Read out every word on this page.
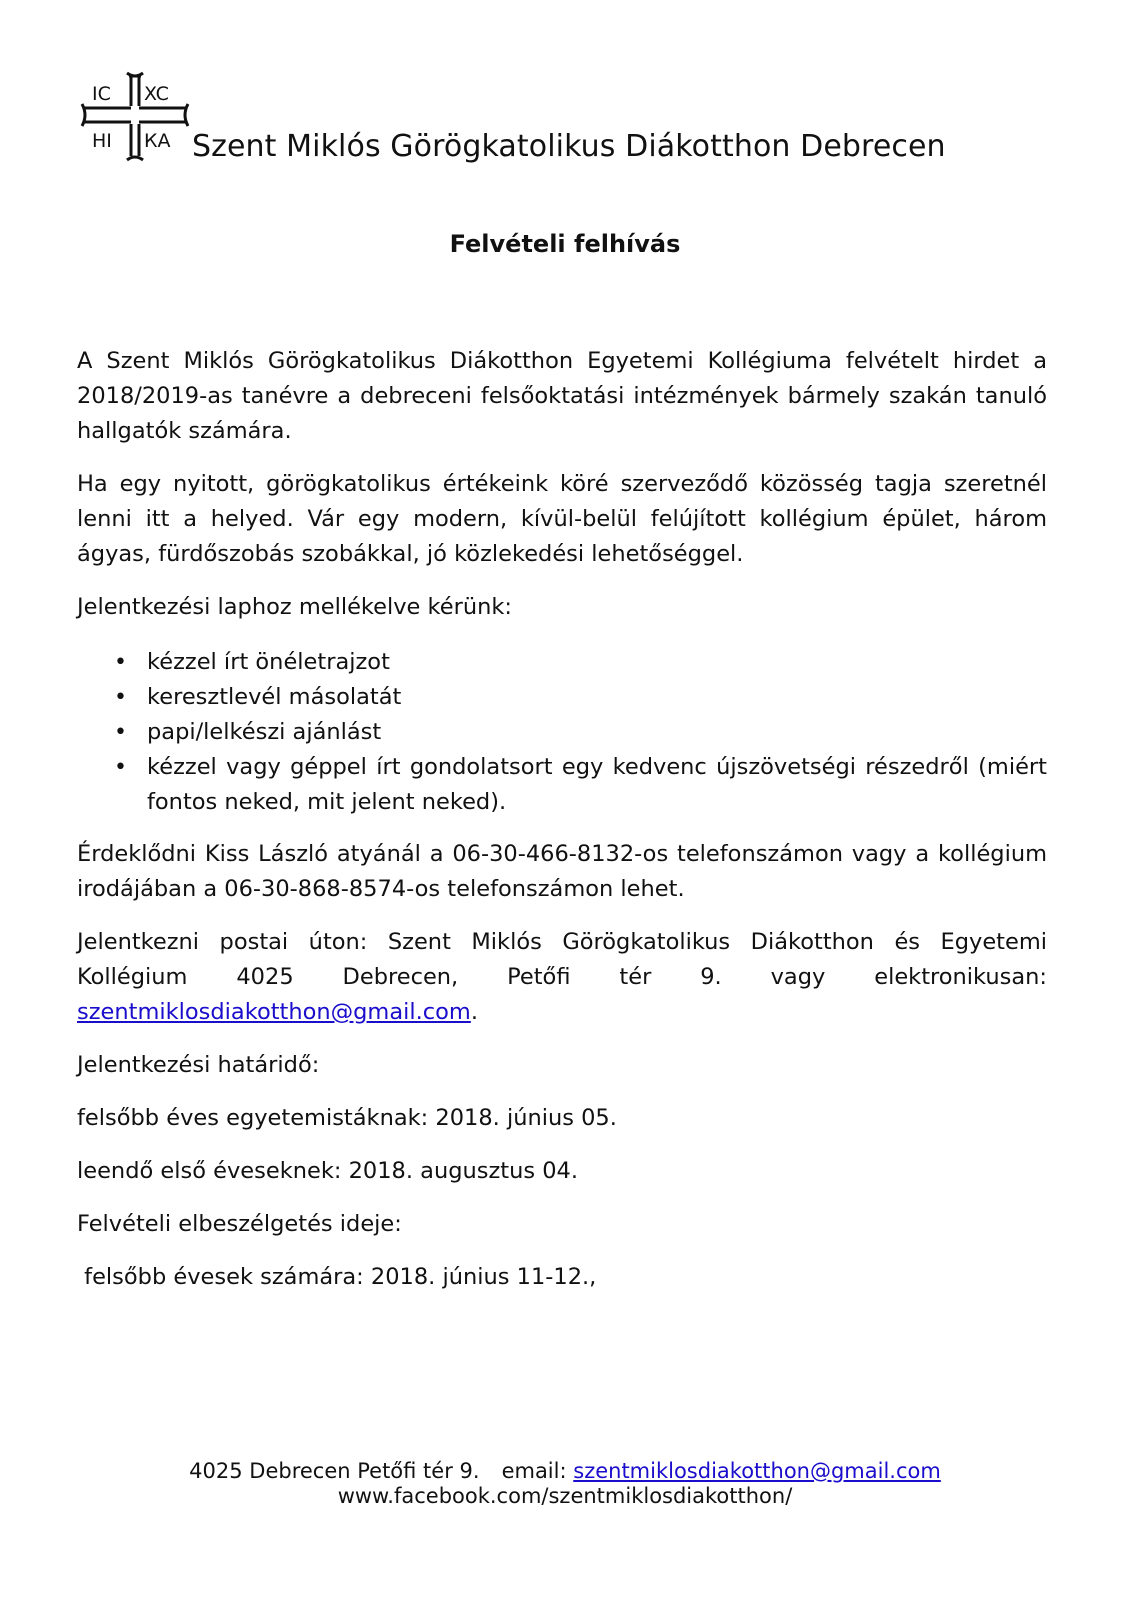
IC XC
НІ КА Szent Miklós Görögkatolikus Diákotthon Debrecen
Felvételi felhívás

A Szent Miklós Görögkatolikus Diákotthon Egyetemi Kollégiuma felvételt hirdet a 2018/2019-as tanévre a debreceni felsőoktatási intézmények bármely szakán tanuló hallgatók számára.

Ha egy nyitott, görögkatolikus értékeink köré szerveződő közösség tagja szeretnél lenni itt a helyed. Vár egy modern, kívül-belül felújított kollégium épület, három ágyas, fürdőszobás szobákkal, jó közlekedési lehetőséggel.

Jelentkezési laphoz mellékelve kérünk:

• kézzel írt önéletrajzot
• keresztlevél másolatát
• papi/lelkészi ajánlást
• kézzel vagy géppel írt gondolatsort egy kedvenc újszövetségi részedről (miért fontos neked, mit jelent neked).

Érdeklődni Kiss László atyánál a 06-30-466-8132-os telefonszámon vagy a kollégium irodájában a 06-30-868-8574-os telefonszámon lehet.

Jelentkezni postai úton: Szent Miklós Görögkatolikus Diákotthon és Egyetemi Kollégium 4025 Debrecen, Petőfi tér 9. vagy elektronikusan: szentmiklosdiakotthon@gmail.com.

Jelentkezési határidő:

felsőbb éves egyetemistáknak: 2018. június 05.

leendő első éveseknek: 2018. augusztus 04.

Felvételi elbeszélgetés ideje:

felsőbb évesek számára: 2018. június 11-12.,

4025 Debrecen Petőfi tér 9. email: szentmiklosdiakotthon@gmail.com
www.facebook.com/szentmiklosdiakotthon/
